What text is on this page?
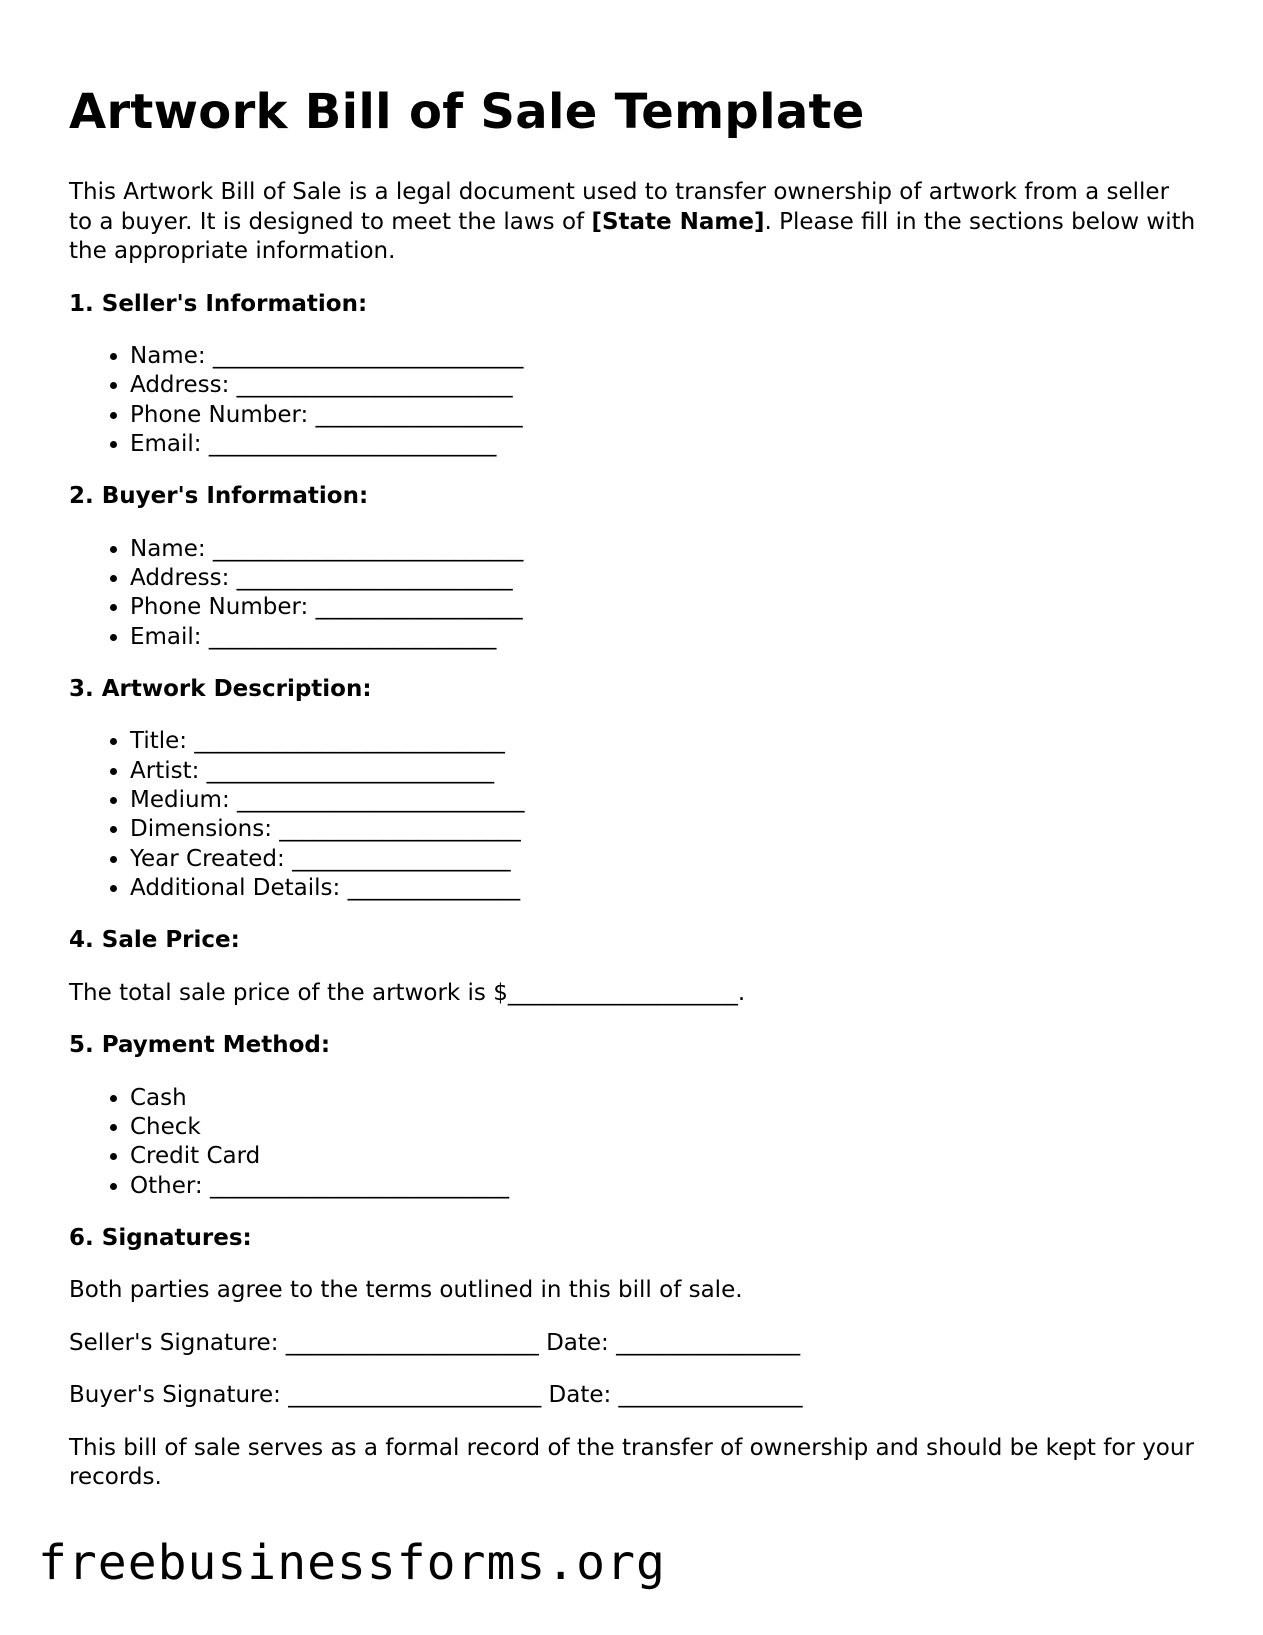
Artwork Bill of Sale Template

This Artwork Bill of Sale is a legal document used to transfer ownership of artwork from a seller to a buyer. It is designed to meet the laws of [State Name]. Please fill in the sections below with the appropriate information.

1. Seller's Information:
• Name: ___________________________
• Address: ________________________
• Phone Number: __________________
• Email: _________________________
2. Buyer's Information:
• Name: ___________________________
• Address: ________________________
• Phone Number: __________________
• Email: _________________________
3. Artwork Description:
• Title: ___________________________
• Artist: _________________________
• Medium: _________________________
• Dimensions: _____________________
• Year Created: ___________________
• Additional Details: _______________
4. Sale Price:

The total sale price of the artwork is $____________________.

5. Payment Method:
• Cash
• Check
• Credit Card
• Other: __________________________
6. Signatures:

Both parties agree to the terms outlined in this bill of sale.

Seller's Signature: ______________________ Date: ________________

Buyer's Signature: ______________________ Date: ________________

This bill of sale serves as a formal record of the transfer of ownership and should be kept for your records.

freebusinessforms.org
